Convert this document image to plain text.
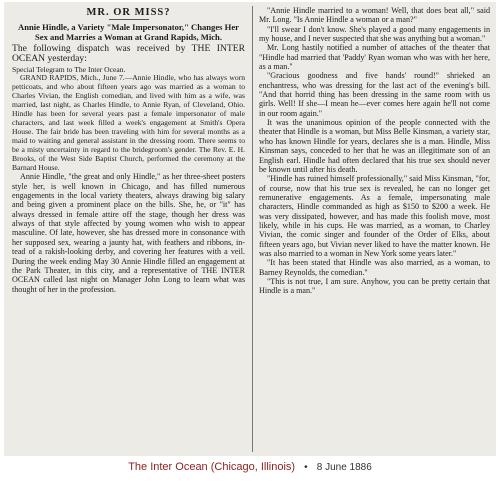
MR. OR MISS?
Annie Hindle, a Variety "Male Impersonator," Changes Her Sex and Marries a Woman at Grand Rapids, Mich.

The following dispatch was received by THE INTER OCEAN yesterday:

Special Telegram to The Inter Ocean.

GRAND RAPIDS, Mich., June 7.—Annie Hindle, who has always worn petticoats, and who about fifteen years ago was married as a woman to Charles Vivian, the English comedian, and lived with him as a wife, was married, last night, as Charles Hindle, to Annie Ryan, of Cleveland, Ohio. Hindle has been for several years past a female impersonator of male characters, and last week filled a week's engagement at Smith's Opera House. The fair bride has been traveling with him for several months as a maid to waiting and general assistant in the dressing room. There seems to be a misty uncertainty in regard to the bridegroom's gender. The Rev. E. H. Brooks, of the West Side Baptist Church, performed the ceremony at the Barnard House.

Annie Hindle, "the great and only Hindle," as her three-sheet posters style her, is well known in Chicago, and has filled numerous engagements in the local variety theaters, always drawing big salary and being given a prominent place on the bills. She, he, or "it" has always dressed in female attire off the stage, though her dress was always of that style affected by young women who wish to appear masculine. Of late, however, she has dressed more in consonance with her supposed sex, wearing a jaunty hat, with feathers and ribbons, in-tead of a rakish-looking derby, and covering her features with a veil. During the week ending May 30 Annie Hindle filled an engagement at the Park Theater, in this city, and a representative of THE INTER OCEAN called last night on Manager John Long to learn what was thought of her in the profession.

"Annie Hindle married to a woman! Well, that does beat all," said Mr. Long. "Is Annie Hindle a woman or a man?"

"I'll swear I don't know. She's played a good many engagements in my house, and I never suspected that she was anything but a woman."

Mr. Long hastily notified a number of attaches of the theater that "Hindle had married that 'Paddy' Ryan woman who was with her here, as a man."

"Gracious goodness and five hands' round!" shrieked an enchantress, who was dressing for the last act of the evening's bill. "And that horrid thing has been dressing in the same room with us girls. Well! If she—I mean he—ever comes here again he'll not come in our room again."

It was the unanimous opinion of the people connected with the theater that Hindle is a woman, but Miss Belle Kinsman, a variety star, who has known Hindle for years, declares she is a man. Hindle, Miss Kinsman says, conceded to her that he was an illegitimate son of an English earl. Hindle had often declared that his true sex should never be known until after his death.

"Hindle has ruined himself professionally," said Miss Kinsman, "for, of course, now that his true sex is revealed, he can no longer get remunerative engagements. As a female, impersonating male characters, Hindle commanded as high as $150 to $200 a week. He was very dissipated, however, and has made this foolish move, most likely, while in his cups. He was married, as a woman, to Charley Vivian, the comic singer and founder of the Order of Elks, about fifteen years ago, but Vivian never liked to have the matter known. He was also married to a woman in New York some years later."

"It has been stated that Hindle was also married, as a woman, to Barney Reynolds, the comedian."

"This is not true, I am sure. Anyhow, you can be pretty certain that Hindle is a man."

The Inter Ocean (Chicago, Illinois) • 8 June 1886
